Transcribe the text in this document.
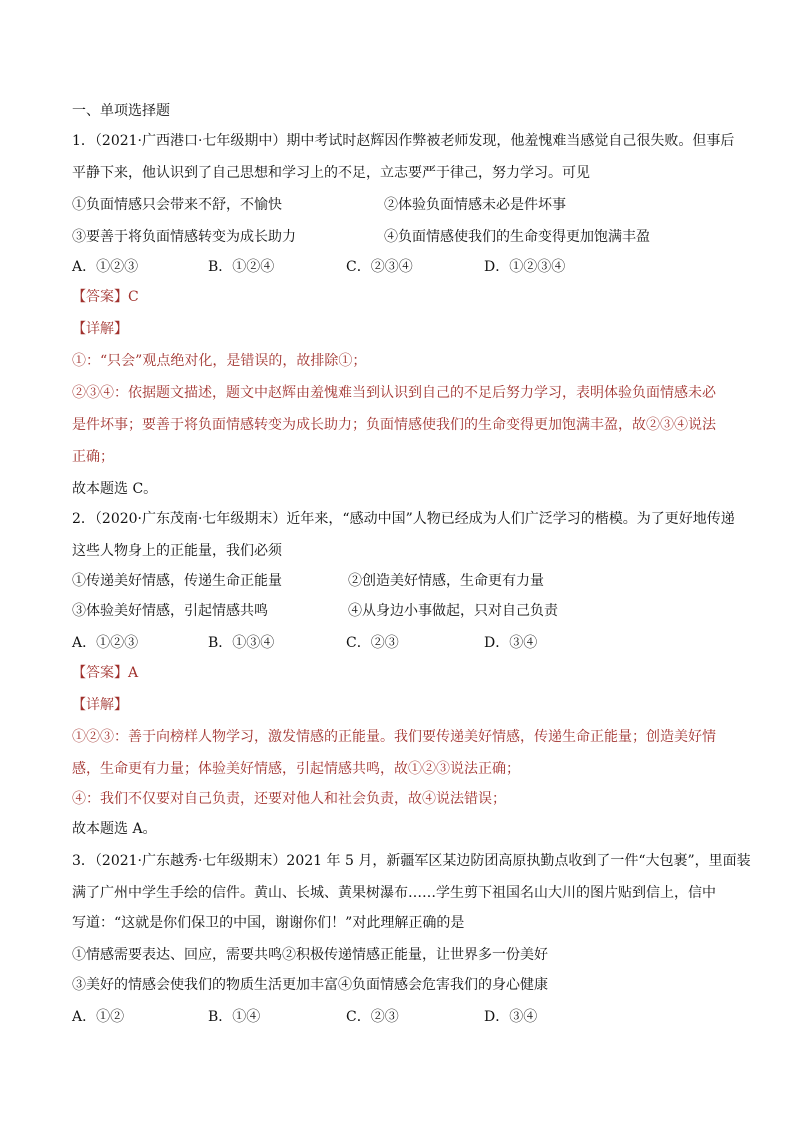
一、单项选择题
1．（2021·广西港口·七年级期中）期中考试时赵辉因作弊被老师发现，他羞愧难当感觉自己很失败。但事后
平静下来，他认识到了自己思想和学习上的不足，立志要严于律己，努力学习。可见
①负面情感只会带来不舒，不愉快	②体验负面情感未必是件坏事
③要善于将负面情感转变为成长助力	④负面情感使我们的生命变得更加饱满丰盈
A．①②③	B．①②④	C．②③④	D．①②③④
【答案】C
【详解】
①：“只会”观点绝对化，是错误的，故排除①；
②③④：依据题文描述，题文中赵辉由羞愧难当到认识到自己的不足后努力学习，表明体验负面情感未必
是件坏事；要善于将负面情感转变为成长助力；负面情感使我们的生命变得更加饱满丰盈，故②③④说法
正确；
故本题选 C。
2．（2020·广东茂南·七年级期末）近年来，“感动中国”人物已经成为人们广泛学习的楷模。为了更好地传递
这些人物身上的正能量，我们必须
①传递美好情感，传递生命正能量	②创造美好情感，生命更有力量
③体验美好情感，引起情感共鸣	④从身边小事做起，只对自己负责
A．①②③	B．①③④	C．②③	D．③④
【答案】A
【详解】
①②③：善于向榜样人物学习，激发情感的正能量。我们要传递美好情感，传递生命正能量；创造美好情
感，生命更有力量；体验美好情感，引起情感共鸣，故①②③说法正确；
④：我们不仅要对自己负责，还要对他人和社会负责，故④说法错误；
故本题选 A。
3．（2021·广东越秀·七年级期末）2021 年 5 月，新疆军区某边防团高原执勤点收到了一件“大包裹”，里面装
满了广州中学生手绘的信件。黄山、长城、黄果树瀑布……学生剪下祖国名山大川的图片贴到信上，信中
写道：“这就是你们保卫的中国，谢谢你们！”对此理解正确的是
①情感需要表达、回应，需要共鸣②积极传递情感正能量，让世界多一份美好
③美好的情感会使我们的物质生活更加丰富④负面情感会危害我们的身心健康
A．①②	B．①④	C．②③	D．③④
